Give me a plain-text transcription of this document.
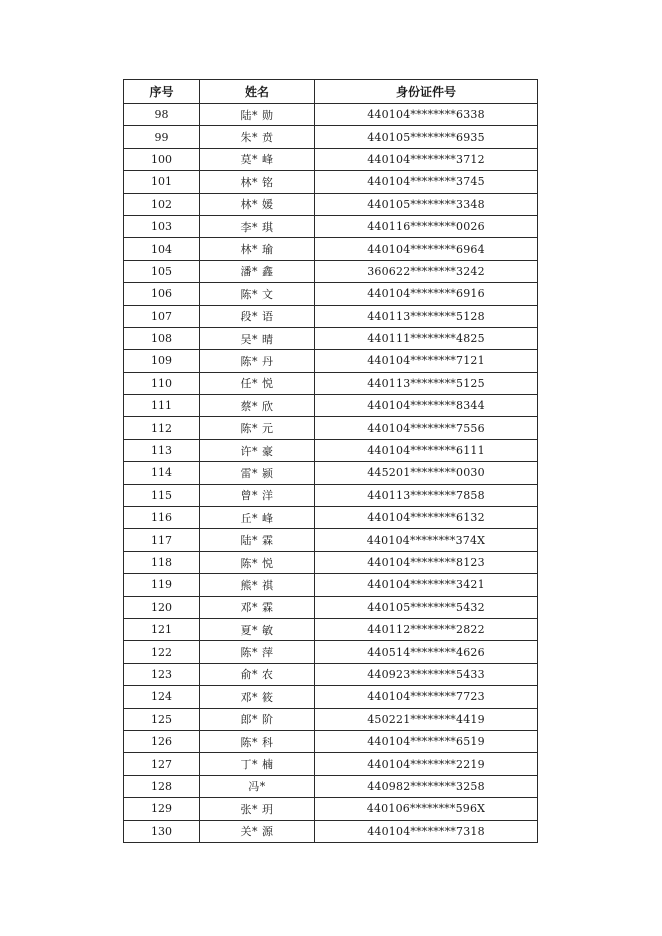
序号	姓名	身份证件号
98	陆* 勋	440104********6338
99	朱* 贲	440105********6935
100	莫* 峰	440104********3712
101	林* 铭	440104********3745
102	林* 媛	440105********3348
103	李* 琪	440116********0026
104	林* 瑜	440104********6964
105	潘* 鑫	360622********3242
106	陈* 文	440104********6916
107	段* 语	440113********5128
108	吴* 晴	440111********4825
109	陈* 丹	440104********7121
110	任* 悦	440113********5125
111	蔡* 欣	440104********8344
112	陈* 元	440104********7556
113	许* 豪	440104********6111
114	雷* 颍	445201********0030
115	曾* 洋	440113********7858
116	丘* 峰	440104********6132
117	陆* 霖	440104********374X
118	陈* 悦	440104********8123
119	熊* 祺	440104********3421
120	邓* 霖	440105********5432
121	夏* 敏	440112********2822
122	陈* 萍	440514********4626
123	俞* 农	440923********5433
124	邓* 筱	440104********7723
125	郎* 阶	450221********4419
126	陈* 科	440104********6519
127	丁* 楠	440104********2219
128	冯*	440982********3258
129	张* 玥	440106********596X
130	关* 源	440104********7318
